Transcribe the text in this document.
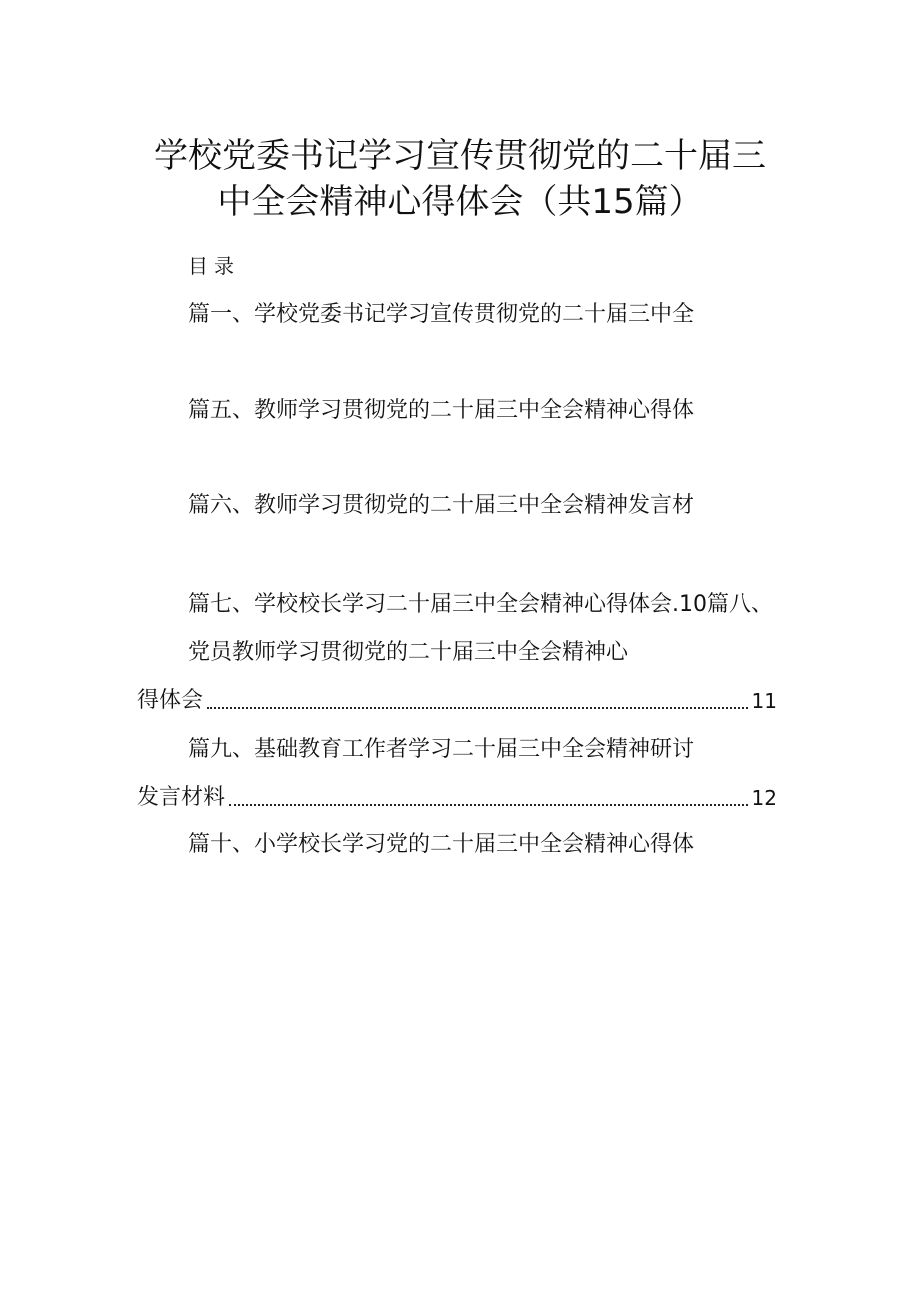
学校党委书记学习宣传贯彻党的二十届三
中全会精神心得体会（共15篇）
目录
篇一、学校党委书记学习宣传贯彻党的二十届三中全
篇五、教师学习贯彻党的二十届三中全会精神心得体
篇六、教师学习贯彻党的二十届三中全会精神发言材
篇七、学校校长学习二十届三中全会精神心得体会.10篇八、
党员教师学习贯彻党的二十届三中全会精神心
得体会	11
篇九、基础教育工作者学习二十届三中全会精神研讨
发言材料	12
篇十、小学校长学习党的二十届三中全会精神心得体
